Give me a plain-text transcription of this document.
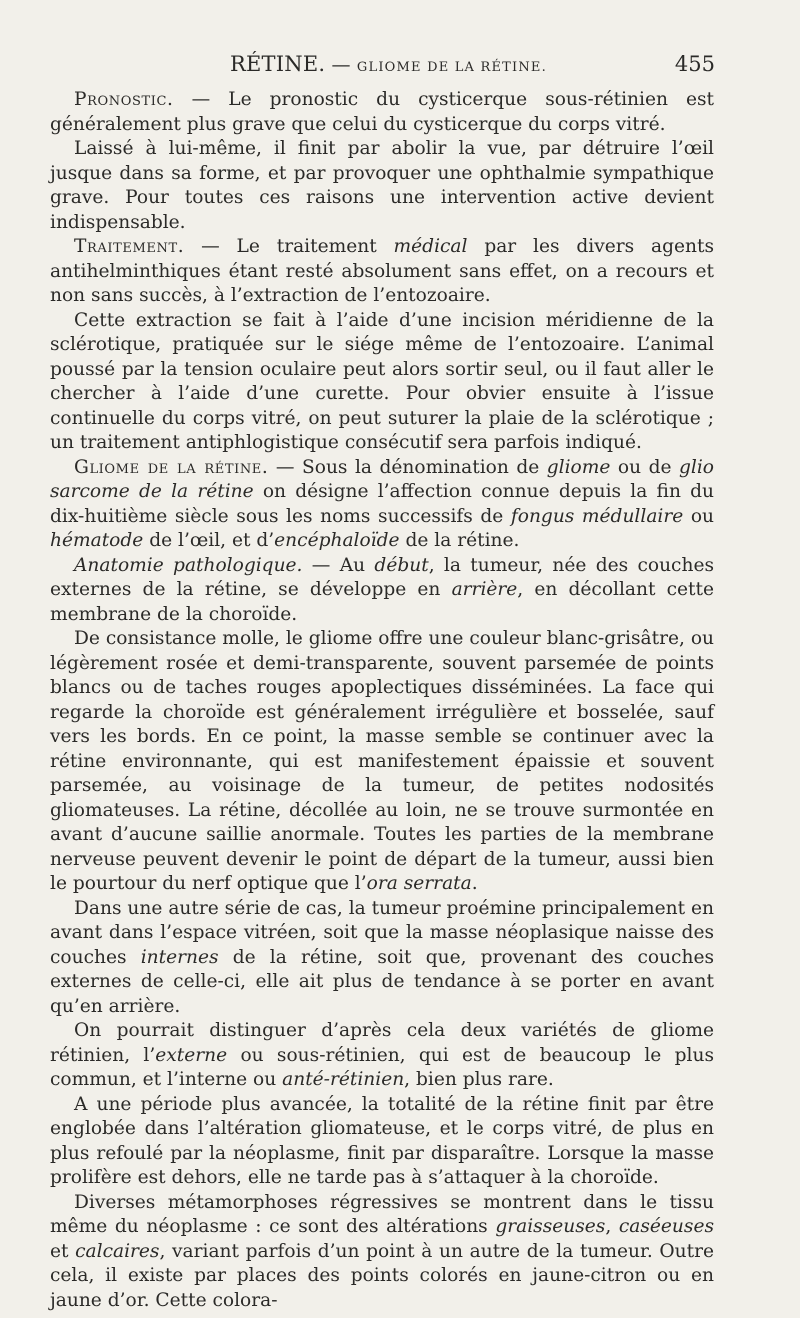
RÉTINE. — GLIOME DE LA RÉTINE.	455

Pronostic. — Le pronostic du cysticerque sous-rétinien est généralement plus grave que celui du cysticerque du corps vitré.

Laissé à lui-même, il finit par abolir la vue, par détruire l’œil jusque dans sa forme, et par provoquer une ophthalmie sympathique grave. Pour toutes ces raisons une intervention active devient indispensable.

Traitement. — Le traitement médical par les divers agents antihelminthiques étant resté absolument sans effet, on a recours et non sans succès, à l’extraction de l’entozoaire.

Cette extraction se fait à l’aide d’une incision méridienne de la sclérotique, pratiquée sur le siége même de l’entozoaire. L’animal poussé par la tension oculaire peut alors sortir seul, ou il faut aller le chercher à l’aide d’une curette. Pour obvier ensuite à l’issue continuelle du corps vitré, on peut suturer la plaie de la sclérotique ; un traitement antiphlogistique consécutif sera parfois indiqué.

Gliome de la rétine. — Sous la dénomination de gliome ou de glio sarcome de la rétine on désigne l’affection connue depuis la fin du dix-huitième siècle sous les noms successifs de fongus médullaire ou hématode de l’œil, et d’encéphaloïde de la rétine.

Anatomie pathologique. — Au début, la tumeur, née des couches externes de la rétine, se développe en arrière, en décollant cette membrane de la choroïde.

De consistance molle, le gliome offre une couleur blanc-grisâtre, ou légèrement rosée et demi-transparente, souvent parsemée de points blancs ou de taches rouges apoplectiques disséminées. La face qui regarde la choroïde est généralement irrégulière et bosselée, sauf vers les bords. En ce point, la masse semble se continuer avec la rétine environnante, qui est manifestement épaissie et souvent parsemée, au voisinage de la tumeur, de petites nodosités gliomateuses. La rétine, décollée au loin, ne se trouve surmontée en avant d’aucune saillie anormale. Toutes les parties de la membrane nerveuse peuvent devenir le point de départ de la tumeur, aussi bien le pourtour du nerf optique que l’ora serrata.

Dans une autre série de cas, la tumeur proémine principalement en avant dans l’espace vitréen, soit que la masse néoplasique naisse des couches internes de la rétine, soit que, provenant des couches externes de celle-ci, elle ait plus de tendance à se porter en avant qu’en arrière.

On pourrait distinguer d’après cela deux variétés de gliome rétinien, l’externe ou sous-rétinien, qui est de beaucoup le plus commun, et l’interne ou anté-rétinien, bien plus rare.

A une période plus avancée, la totalité de la rétine finit par être englobée dans l’altération gliomateuse, et le corps vitré, de plus en plus refoulé par la néoplasme, finit par disparaître. Lorsque la masse prolifère est dehors, elle ne tarde pas à s’attaquer à la choroïde.

Diverses métamorphoses régressives se montrent dans le tissu même du néoplasme : ce sont des altérations graisseuses, caséeuses et calcaires, variant parfois d’un point à un autre de la tumeur. Outre cela, il existe par places des points colorés en jaune-citron ou en jaune d’or. Cette colora-
